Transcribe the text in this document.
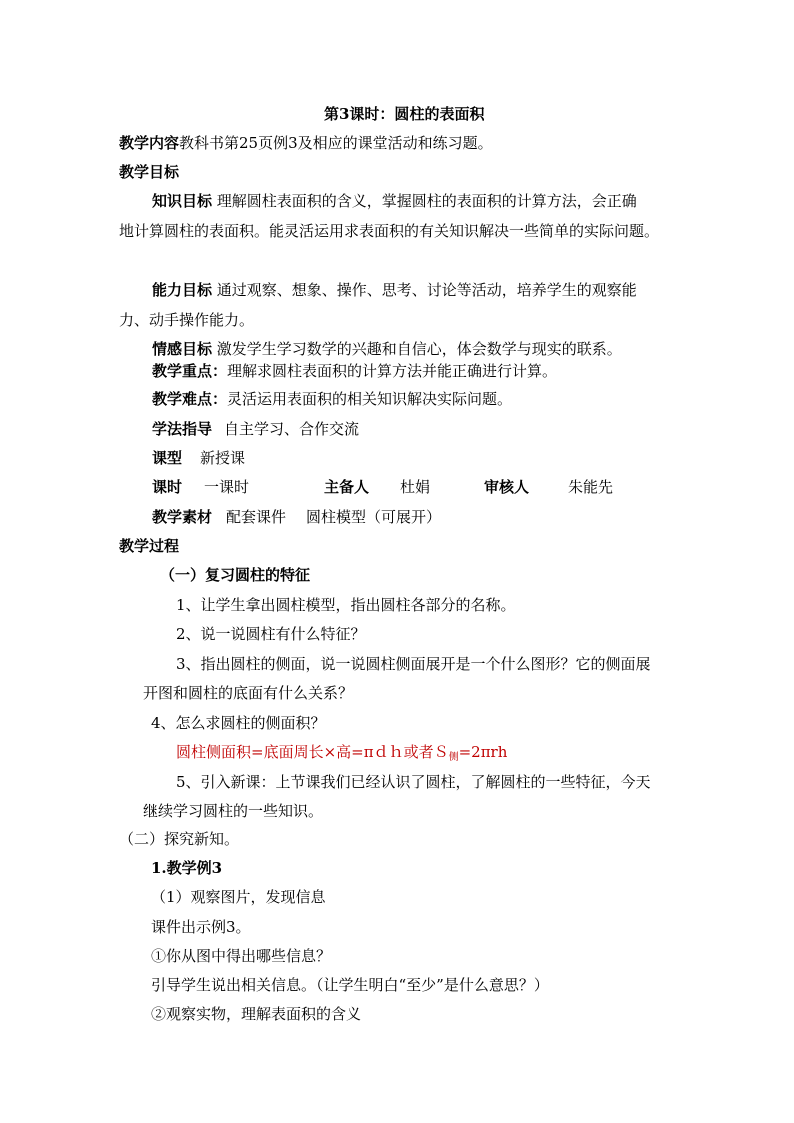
第3课时：圆柱的表面积
教学内容教科书第25页例3及相应的课堂活动和练习题。
教学目标
知识目标 理解圆柱表面积的含义，掌握圆柱的表面积的计算方法，会正确
地计算圆柱的表面积。能灵活运用求表面积的有关知识解决一些简单的实际问题。
能力目标 通过观察、想象、操作、思考、讨论等活动，培养学生的观察能
力、动手操作能力。
情感目标 激发学生学习数学的兴趣和自信心，体会数学与现实的联系。
教学重点：理解求圆柱表面积的计算方法并能正确进行计算。
教学难点：灵活运用表面积的相关知识解决实际问题。
学法指导 自主学习、合作交流
课型 新授课
课时 一课时	主备人 杜娟	审核人	朱能先
教学素材 配套课件 圆柱模型（可展开）
教学过程
（一）复习圆柱的特征
1、让学生拿出圆柱模型，指出圆柱各部分的名称。
2、说一说圆柱有什么特征？
3、指出圆柱的侧面，说一说圆柱侧面展开是一个什么图形？它的侧面展
开图和圆柱的底面有什么关系？
4、怎么求圆柱的侧面积？
圆柱侧面积=底面周长×高=πｄｈ或者Ｓ$_侧$=2πrh
5、引入新课：上节课我们已经认识了圆柱，了解圆柱的一些特征，今天
继续学习圆柱的一些知识。
（二）探究新知。
1.教学例3
（1）观察图片，发现信息
课件出示例3。
①你从图中得出哪些信息？
引导学生说出相关信息。（让学生明白“至少”是什么意思？）
②观察实物，理解表面积的含义
